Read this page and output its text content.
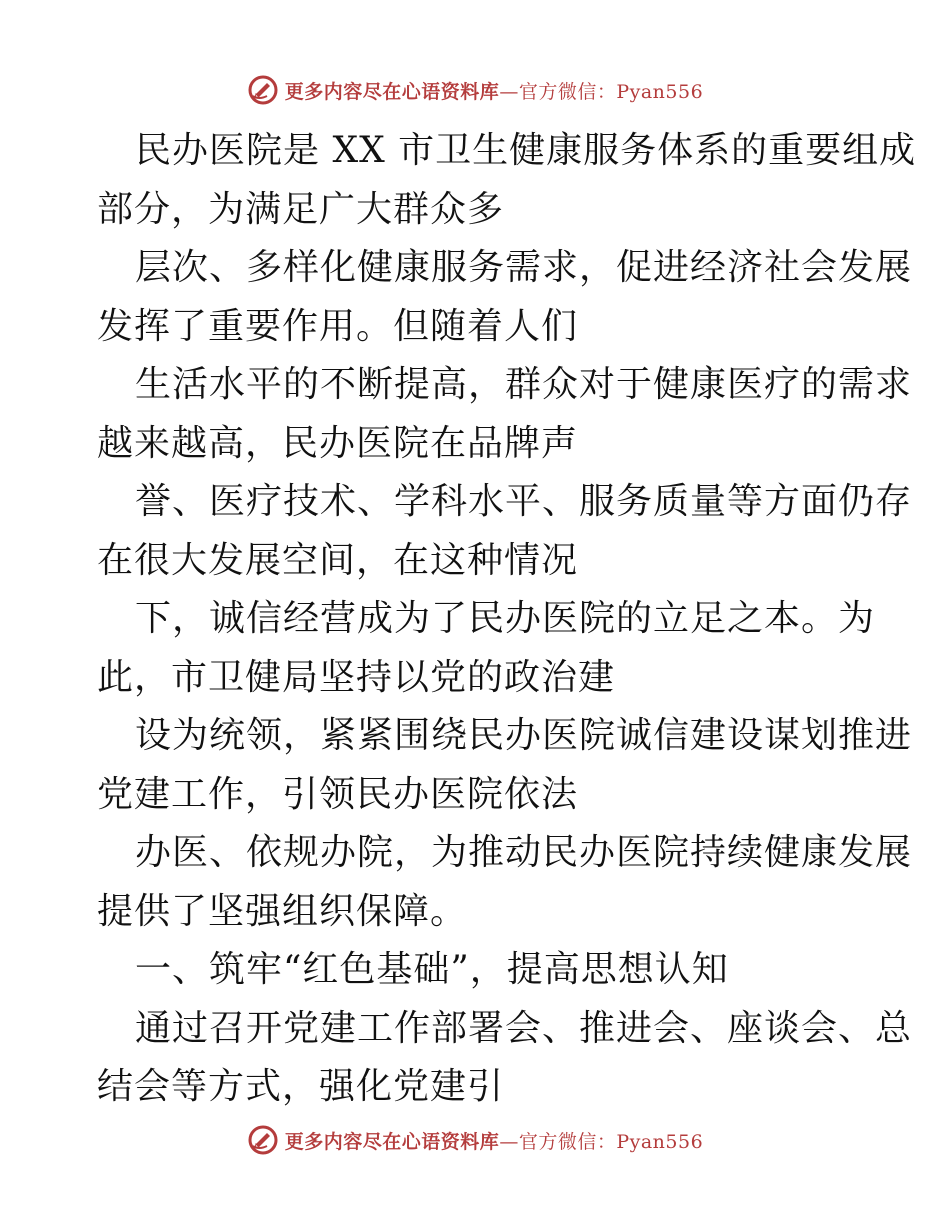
更多内容尽在心语资料库—官方微信：Pyan556
民办医院是 XX 市卫生健康服务体系的重要组成
部分，为满足广大群众多
层次、多样化健康服务需求，促进经济社会发展
发挥了重要作用。但随着人们
生活水平的不断提高，群众对于健康医疗的需求
越来越高，民办医院在品牌声
誉、医疗技术、学科水平、服务质量等方面仍存
在很大发展空间，在这种情况
下，诚信经营成为了民办医院的立足之本。为
此，市卫健局坚持以党的政治建
设为统领，紧紧围绕民办医院诚信建设谋划推进
党建工作，引领民办医院依法
办医、依规办院，为推动民办医院持续健康发展
提供了坚强组织保障。
一、筑牢“红色基础”，提高思想认知
通过召开党建工作部署会、推进会、座谈会、总
结会等方式，强化党建引
更多内容尽在心语资料库—官方微信：Pyan556
